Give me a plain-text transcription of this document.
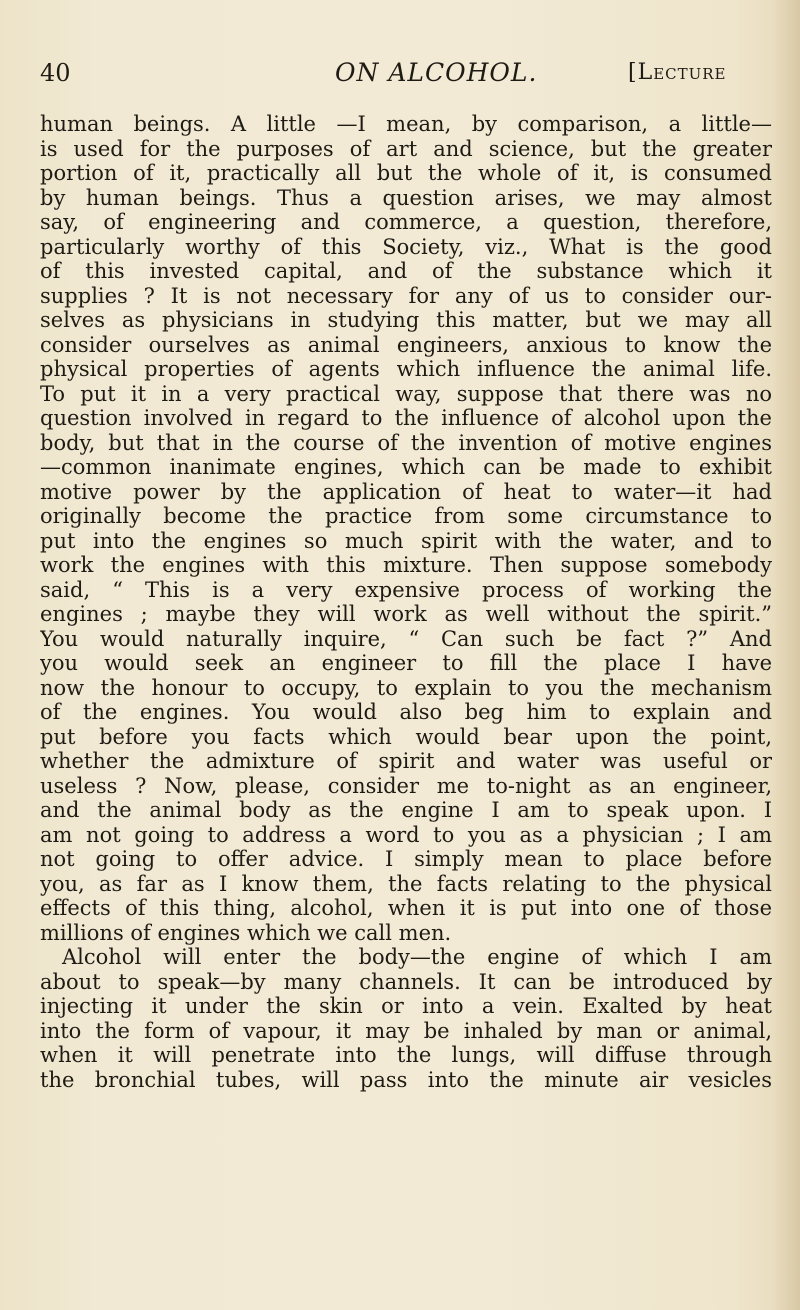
40	ON ALCOHOL.	[Lecture
human beings. A little —I mean, by comparison, a little—
is used for the purposes of art and science, but the greater
portion of it, practically all but the whole of it, is consumed
by human beings. Thus a question arises, we may almost
say, of engineering and commerce, a question, therefore,
particularly worthy of this Society, viz., What is the good
of this invested capital, and of the substance which it
supplies ? It is not necessary for any of us to consider our-
selves as physicians in studying this matter, but we may all
consider ourselves as animal engineers, anxious to know the
physical properties of agents which influence the animal life.
To put it in a very practical way, suppose that there was no
question involved in regard to the influence of alcohol upon the
body, but that in the course of the invention of motive engines
—common inanimate engines, which can be made to exhibit
motive power by the application of heat to water—it had
originally become the practice from some circumstance to
put into the engines so much spirit with the water, and to
work the engines with this mixture. Then suppose somebody
said, “ This is a very expensive process of working the
engines ; maybe they will work as well without the spirit.”
You would naturally inquire, “ Can such be fact ?” And
you would seek an engineer to fill the place I have
now the honour to occupy, to explain to you the mechanism
of the engines. You would also beg him to explain and
put before you facts which would bear upon the point,
whether the admixture of spirit and water was useful or
useless ? Now, please, consider me to-night as an engineer,
and the animal body as the engine I am to speak upon. I
am not going to address a word to you as a physician ; I am
not going to offer advice. I simply mean to place before
you, as far as I know them, the facts relating to the physical
effects of this thing, alcohol, when it is put into one of those
millions of engines which we call men.
Alcohol will enter the body—the engine of which I am
about to speak—by many channels. It can be introduced by
injecting it under the skin or into a vein. Exalted by heat
into the form of vapour, it may be inhaled by man or animal,
when it will penetrate into the lungs, will diffuse through
the bronchial tubes, will pass into the minute air vesicles
